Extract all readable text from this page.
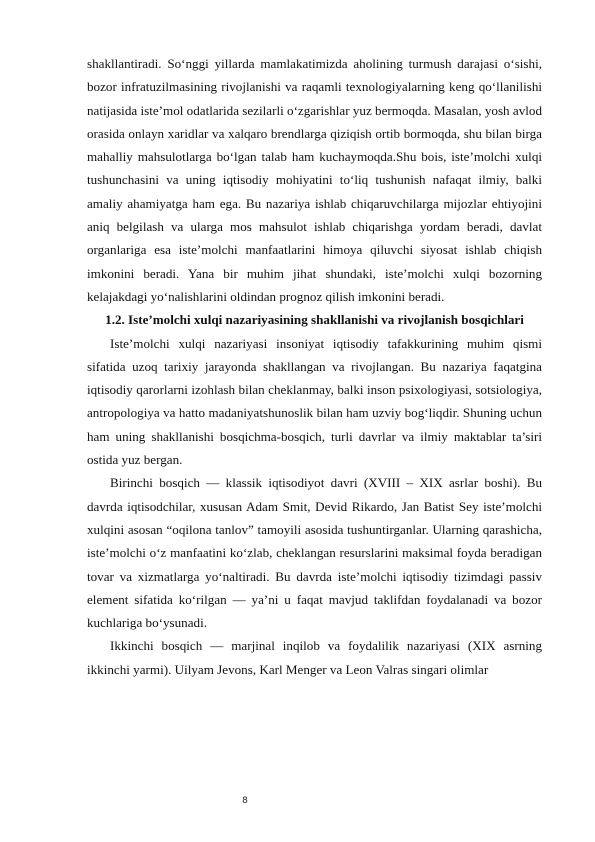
shakllantiradi. So‘nggi yillarda mamlakatimizda aholining turmush darajasi o‘sishi, bozor infratuzilmasining rivojlanishi va raqamli texnologiyalarning keng qo‘llanilishi natijasida iste’mol odatlarida sezilarli o‘zgarishlar yuz bermoqda. Masalan, yosh avlod orasida onlayn xaridlar va xalqaro brendlarga qiziqish ortib bormoqda, shu bilan birga mahalliy mahsulotlarga bo‘lgan talab ham kuchaymoqda.Shu bois, iste’molchi xulqi tushunchasini va uning iqtisodiy mohiyatini to‘liq tushunish nafaqat ilmiy, balki amaliy ahamiyatga ham ega. Bu nazariya ishlab chiqaruvchilarga mijozlar ehtiyojini aniq belgilash va ularga mos mahsulot ishlab chiqarishga yordam beradi, davlat organlariga esa iste’molchi manfaatlarini himoya qiluvchi siyosat ishlab chiqish imkonini beradi. Yana bir muhim jihat shundaki, iste’molchi xulqi bozorning kelajakdagi yo‘nalishlarini oldindan prognoz qilish imkonini beradi.

1.2. Iste’molchi xulqi nazariyasining shakllanishi va rivojlanish bosqichlari

Iste’molchi xulqi nazariyasi insoniyat iqtisodiy tafakkurining muhim qismi sifatida uzoq tarixiy jarayonda shakllangan va rivojlangan. Bu nazariya faqatgina iqtisodiy qarorlarni izohlash bilan cheklanmay, balki inson psixologiyasi, sotsiologiya, antropologiya va hatto madaniyatshunoslik bilan ham uzviy bog‘liqdir. Shuning uchun ham uning shakllanishi bosqichma-bosqich, turli davrlar va ilmiy maktablar ta’siri ostida yuz bergan.

Birinchi bosqich — klassik iqtisodiyot davri (XVIII – XIX asrlar boshi). Bu davrda iqtisodchilar, xususan Adam Smit, Devid Rikardo, Jan Batist Sey iste’molchi xulqini asosan “oqilona tanlov” tamoyili asosida tushuntirganlar. Ularning qarashicha, iste’molchi o‘z manfaatini ko‘zlab, cheklangan resurslarini maksimal foyda beradigan tovar va xizmatlarga yo‘naltiradi. Bu davrda iste’molchi iqtisodiy tizimdagi passiv element sifatida ko‘rilgan — ya’ni u faqat mavjud taklifdan foydalanadi va bozor kuchlariga bo‘ysunadi.

Ikkinchi bosqich — marjinal inqilob va foydalilik nazariyasi (XIX asrning ikkinchi yarmi). Uilyam Jevons, Karl Menger va Leon Valras singari olimlar

8
